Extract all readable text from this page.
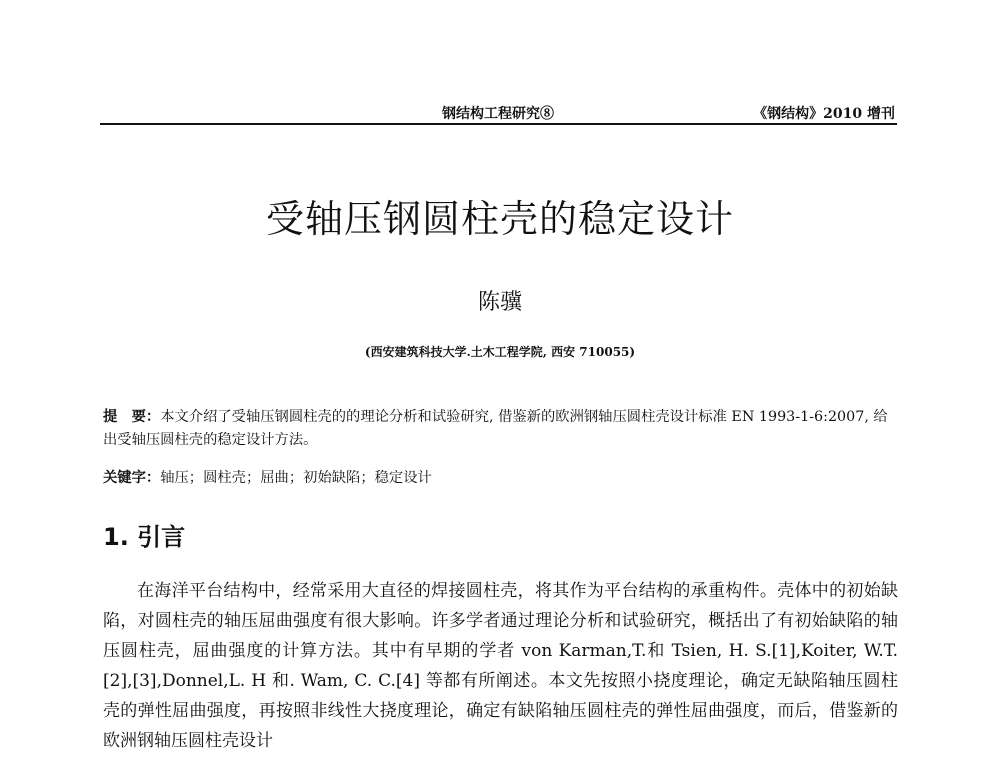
钢结构工程研究⑧	《钢结构》2010 增刊
受轴压钢圆柱壳的稳定设计
陈骥
(西安建筑科技大学.土木工程学院, 西安 710055)
提　要：本文介绍了受轴压钢圆柱壳的的理论分析和试验研究, 借鉴新的欧洲钢轴压圆柱壳设计标准 EN 1993-1-6:2007, 给出受轴压圆柱壳的稳定设计方法。
关键字：轴压；圆柱壳；屈曲；初始缺陷；稳定设计
1. 引言

在海洋平台结构中，经常采用大直径的焊接圆柱壳，将其作为平台结构的承重构件。壳体中的初始缺陷，对圆柱壳的轴压屈曲强度有很大影响。许多学者通过理论分析和试验研究，概括出了有初始缺陷的轴压圆柱壳，屈曲强度的计算方法。其中有早期的学者 von Karman,T.和 Tsien, H. S.[1],Koiter, W.T.[2],[3],Donnel,L. H 和. Wam, C. C.[4] 等都有所阐述。本文先按照小挠度理论，确定无缺陷轴压圆柱壳的弹性屈曲强度，再按照非线性大挠度理论，确定有缺陷轴压圆柱壳的弹性屈曲强度，而后，借鉴新的欧洲钢轴压圆柱壳设计
